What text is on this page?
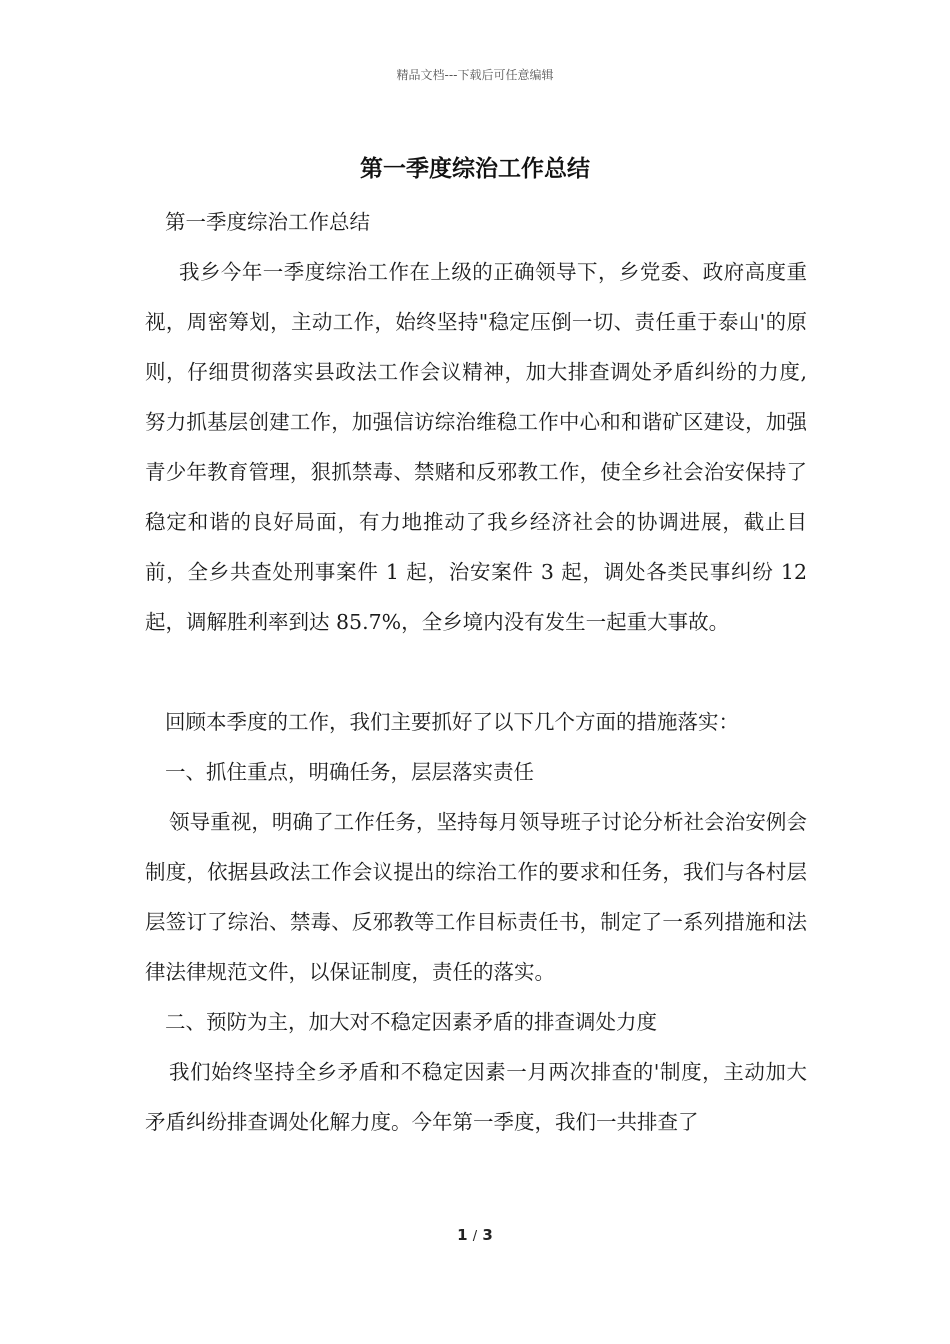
精品文档---下载后可任意编辑
第一季度综治工作总结

第一季度综治工作总结

我乡今年一季度综治工作在上级的正确领导下，乡党委、政府高度重视，周密筹划，主动工作，始终坚持"稳定压倒一切、责任重于泰山'的原则，仔细贯彻落实县政法工作会议精神，加大排查调处矛盾纠纷的力度,努力抓基层创建工作，加强信访综治维稳工作中心和和谐矿区建设，加强青少年教育管理，狠抓禁毒、禁赌和反邪教工作，使全乡社会治安保持了稳定和谐的良好局面，有力地推动了我乡经济社会的协调进展，截止目前，全乡共查处刑事案件 1 起，治安案件 3 起，调处各类民事纠纷 12 起，调解胜利率到达 85.7%，全乡境内没有发生一起重大事故。

回顾本季度的工作，我们主要抓好了以下几个方面的措施落实：

一、抓住重点，明确任务，层层落实责任

领导重视，明确了工作任务，坚持每月领导班子讨论分析社会治安例会制度，依据县政法工作会议提出的综治工作的要求和任务，我们与各村层层签订了综治、禁毒、反邪教等工作目标责任书，制定了一系列措施和法律法律规范文件，以保证制度，责任的落实。

二、预防为主，加大对不稳定因素矛盾的排查调处力度

我们始终坚持全乡矛盾和不稳定因素一月两次排查的'制度，主动加大矛盾纠纷排查调处化解力度。今年第一季度，我们一共排查了

1 / 3
